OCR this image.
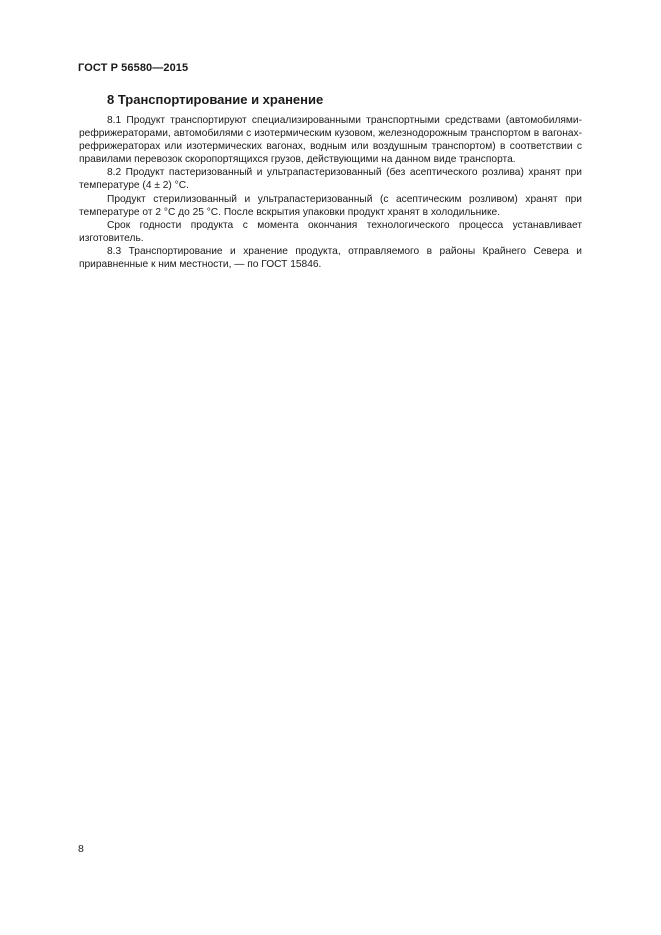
ГОСТ Р 56580—2015
8 Транспортирование и хранение

8.1 Продукт транспортируют специализированными транспортными средствами (автомобилями-рефрижераторами, автомобилями с изотермическим кузовом, железнодорожным транспортом в вагонах-рефрижераторах или изотермических вагонах, водным или воздушным транспортом) в соответствии с правилами перевозок скоропортящихся грузов, действующими на данном виде транспорта.

8.2 Продукт пастеризованный и ультрапастеризованный (без асептического розлива) хранят при температуре (4 ± 2) °С.

Продукт стерилизованный и ультрапастеризованный (с асептическим розливом) хранят при температуре от 2 °С до 25 °С. После вскрытия упаковки продукт хранят в холодильнике.

Срок годности продукта с момента окончания технологического процесса устанавливает изготовитель.

8.3 Транспортирование и хранение продукта, отправляемого в районы Крайнего Севера и приравненные к ним местности, — по ГОСТ 15846.

8
